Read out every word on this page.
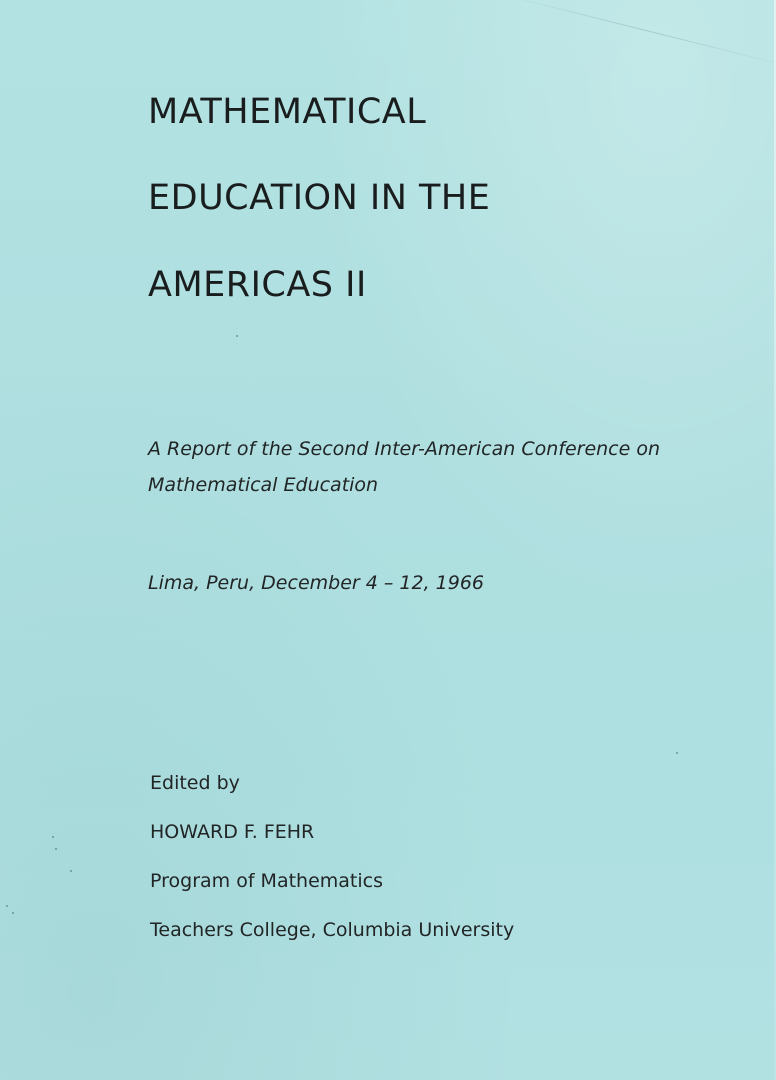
MATHEMATICAL
EDUCATION IN THE
AMERICAS II

A Report of the Second Inter-American Conference on

Mathematical Education

Lima, Peru, December 4 – 12, 1966

Edited by

HOWARD F. FEHR

Program of Mathematics

Teachers College, Columbia University
